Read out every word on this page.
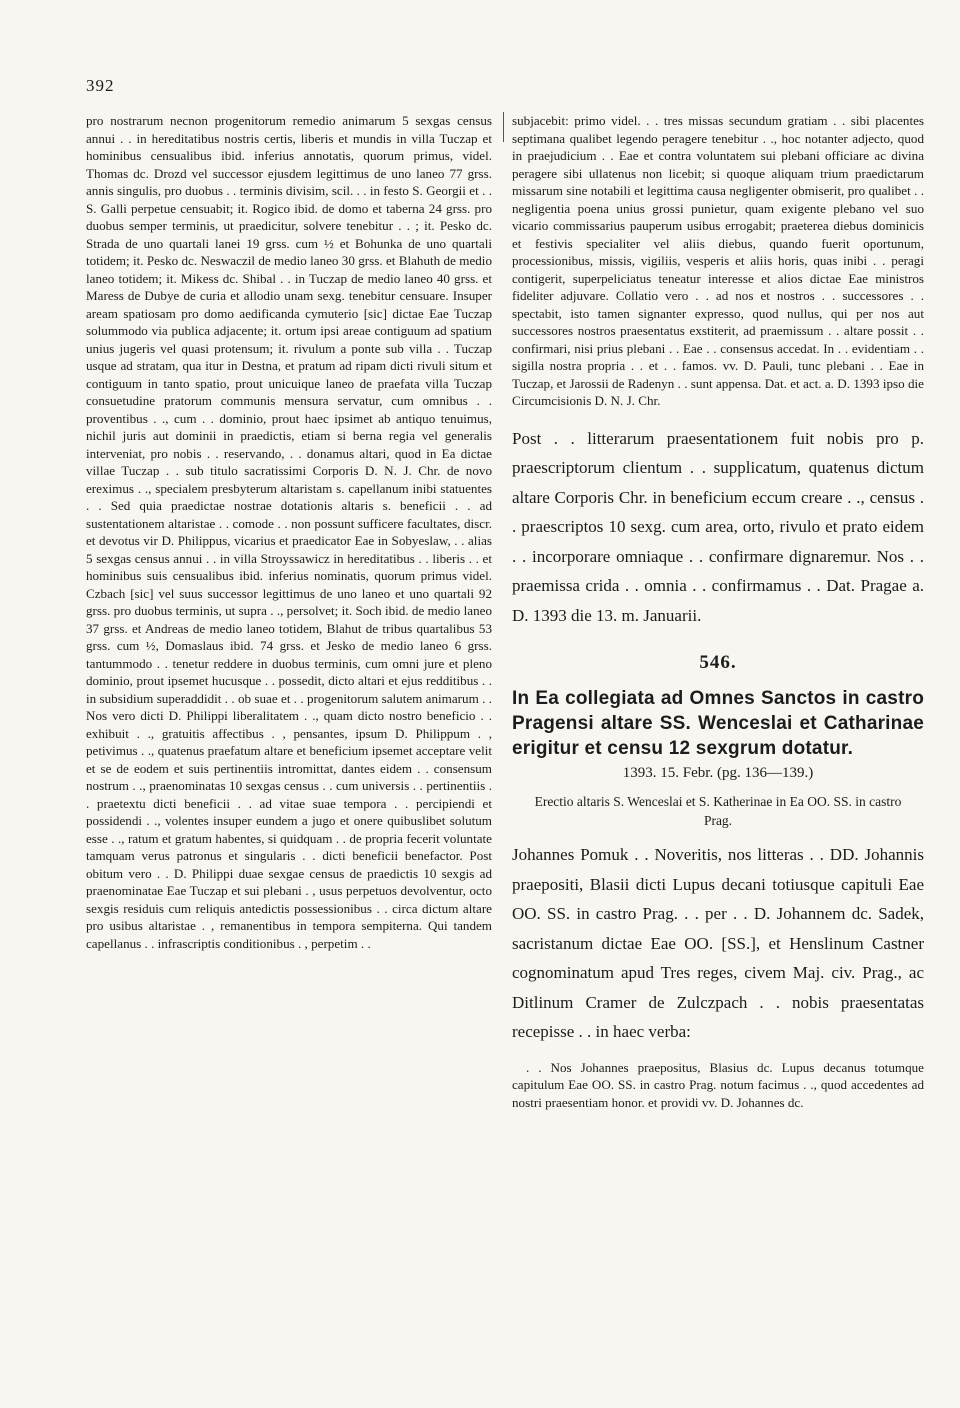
392

pro nostrarum necnon progenitorum remedio animarum 5 sexgas census annui . . in hereditatibus nostris certis, liberis et mundis in villa Tuczap et hominibus censualibus ibid. inferius annotatis, quorum primus, videl. Thomas dc. Drozd vel successor ejusdem legittimus de uno laneo 77 grss. annis singulis, pro duobus . . terminis divisim, scil. . . in festo S. Georgii et . . S. Galli perpetue censuabit; it. Rogico ibid. de domo et taberna 24 grss. pro duobus semper terminis, ut praedicitur, solvere tenebitur . . ; it. Pesko dc. Strada de uno quartali lanei 19 grss. cum ½ et Bohunka de uno quartali totidem; it. Pesko dc. Neswaczil de medio laneo 30 grss. et Blahuth de medio laneo totidem; it. Mikess dc. Shibal . . in Tuczap de medio laneo 40 grss. et Maress de Dubye de curia et allodio unam sexg. tenebitur censuare. Insuper aream spatiosam pro domo aedificanda cymuterio [sic] dictae Eae Tuczap solummodo via publica adjacente; it. ortum ipsi areae contiguum ad spatium unius jugeris vel quasi protensum; it. rivulum a ponte sub villa . . Tuczap usque ad stratam, qua itur in Destna, et pratum ad ripam dicti rivuli situm et contiguum in tanto spatio, prout unicuique laneo de praefata villa Tuczap consuetudine pratorum communis mensura servatur, cum omnibus . . proventibus . ., cum . . dominio, prout haec ipsimet ab antiquo tenuimus, nichil juris aut dominii in praedictis, etiam si berna regia vel generalis interveniat, pro nobis . . reservando, . . donamus altari, quod in Ea dictae villae Tuczap . . sub titulo sacratissimi Corporis D. N. J. Chr. de novo ereximus . ., specialem presbyterum altaristam s. capellanum inibi statuentes . . Sed quia praedictae nostrae dotationis altaris s. beneficii . . ad sustentationem altaristae . . comode . . non possunt sufficere facultates, discr. et devotus vir D. Philippus, vicarius et praedicator Eae in Sobyeslaw, . . alias 5 sexgas census annui . . in villa Stroyssawicz in hereditatibus . . liberis . . et hominibus suis censualibus ibid. inferius nominatis, quorum primus videl. Czbach [sic] vel suus successor legittimus de uno laneo et uno quartali 92 grss. pro duobus terminis, ut supra . ., persolvet; it. Soch ibid. de medio laneo 37 grss. et Andreas de medio laneo totidem, Blahut de tribus quartalibus 53 grss. cum ½, Domaslaus ibid. 74 grss. et Jesko de medio laneo 6 grss. tantummodo . . tenetur reddere in duobus terminis, cum omni jure et pleno dominio, prout ipsemet hucusque . . possedit, dicto altari et ejus redditibus . . in subsidium superaddidit . . ob suae et . . progenitorum salutem animarum . . Nos vero dicti D. Philippi liberalitatem . ., quam dicto nostro beneficio . . exhibuit . ., gratuitis affectibus . , pensantes, ipsum D. Philippum . , petivimus . ., quatenus praefatum altare et beneficium ipsemet acceptare velit et se de eodem et suis pertinentiis intromittat, dantes eidem . . consensum nostrum . ., praenominatas 10 sexgas census . . cum universis . . pertinentiis . . praetextu dicti beneficii . . ad vitae suae tempora . . percipiendi et possidendi . ., volentes insuper eundem a jugo et onere quibuslibet solutum esse . ., ratum et gratum habentes, si quidquam . . de propria fecerit voluntate tamquam verus patronus et singularis . . dicti beneficii benefactor. Post obitum vero . . D. Philippi duae sexgae census de praedictis 10 sexgis ad praenominatae Eae Tuczap et sui plebani . , usus perpetuos devolventur, octo sexgis residuis cum reliquis antedictis possessionibus . . circa dictum altare pro usibus altaristae . , remanentibus in tempora sempiterna. Qui tandem capellanus . . infrascriptis conditionibus . , perpetim . .

subjacebit: primo videl. . . tres missas secundum gratiam . . sibi placentes septimana qualibet legendo peragere tenebitur . ., hoc notanter adjecto, quod in praejudicium . . Eae et contra voluntatem sui plebani officiare ac divina peragere sibi ullatenus non licebit; si quoque aliquam trium praedictarum missarum sine notabili et legittima causa negligenter obmiserit, pro qualibet . . negligentia poena unius grossi punietur, quam exigente plebano vel suo vicario commissarius pauperum usibus errogabit; praeterea diebus dominicis et festivis specialiter vel aliis diebus, quando fuerit oportunum, processionibus, missis, vigiliis, vesperis et aliis horis, quas inibi . . peragi contigerit, superpeliciatus teneatur interesse et alios dictae Eae ministros fideliter adjuvare. Collatio vero . . ad nos et nostros . . successores . . spectabit, isto tamen signanter expresso, quod nullus, qui per nos aut successores nostros praesentatus exstiterit, ad praemissum . . altare possit . . confirmari, nisi prius plebani . . Eae . . consensus accedat. In . . evidentiam . . sigilla nostra propria . . et . . famos. vv. D. Pauli, tunc plebani . . Eae in Tuczap, et Jarossii de Radenyn . . sunt appensa. Dat. et act. a. D. 1393 ipso die Circumcisionis D. N. J. Chr.

Post . . litterarum praesentationem fuit nobis pro p. praescriptorum clientum . . supplicatum, quatenus dictum altare Corporis Chr. in beneficium eccum creare . ., census . . praescriptos 10 sexg. cum area, orto, rivulo et prato eidem . . incorporare omniaque . . confirmare dignaremur. Nos . . praemissa crida . . omnia . . confirmamus . . Dat. Pragae a. D. 1393 die 13. m. Januarii.

546.

In Ea collegiata ad Omnes Sanctos in castro Pragensi altare SS. Wenceslai et Catharinae erigitur et censu 12 sexgrum dotatur.

1393. 15. Febr. (pg. 136—139.)
Erectio altaris S. Wenceslai et S. Katherinae in Ea OO. SS. in castro Prag.

Johannes Pomuk . . Noveritis, nos litteras . . DD. Johannis praepositi, Blasii dicti Lupus decani totiusque capituli Eae OO. SS. in castro Prag. . . per . . D. Johannem dc. Sadek, sacristanum dictae Eae OO. [SS.], et Henslinum Castner cognominatum apud Tres reges, civem Maj. civ. Prag., ac Ditlinum Cramer de Zulczpach . . nobis praesentatas recepisse . . in haec verba:

. . Nos Johannes praepositus, Blasius dc. Lupus decanus totumque capitulum Eae OO. SS. in castro Prag. notum facimus . ., quod accedentes ad nostri praesentiam honor. et providi vv. D. Johannes dc.
